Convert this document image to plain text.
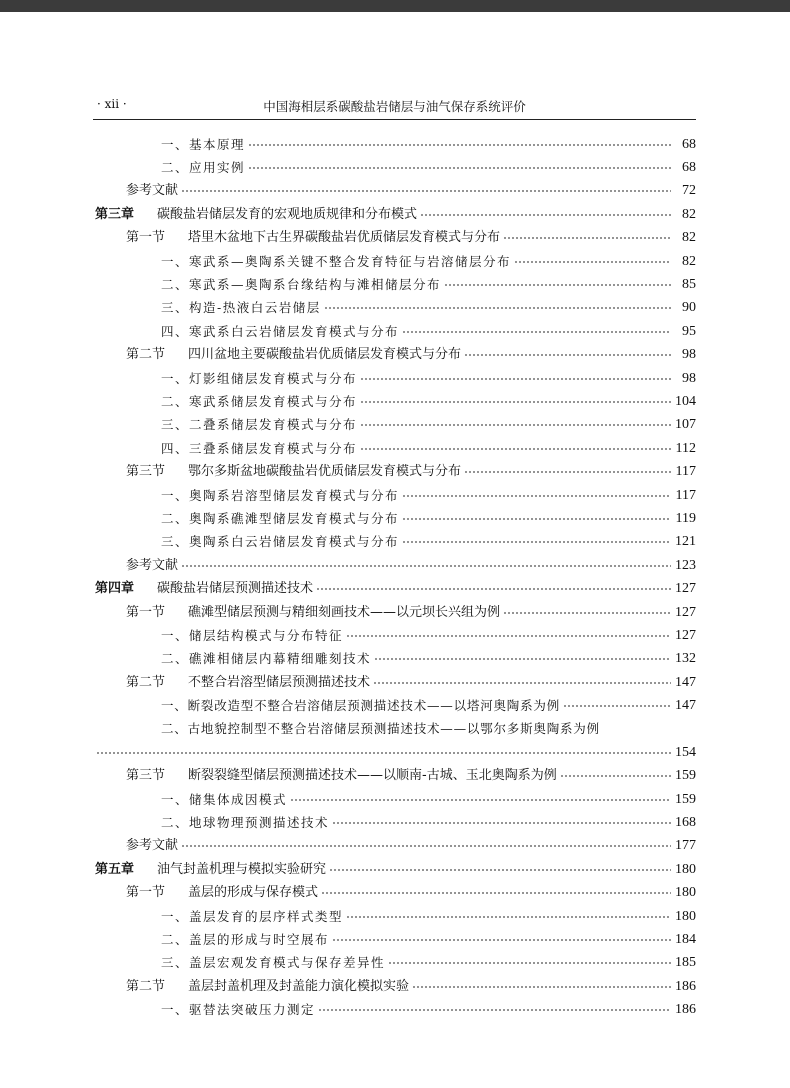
· xii ·	中国海相层系碳酸盐岩储层与油气保存系统评价
一、基本原理	68
二、应用实例	68
参考文献	72
第三章	碳酸盐岩储层发育的宏观地质规律和分布模式	82
第一节	塔里木盆地下古生界碳酸盐岩优质储层发育模式与分布	82
一、寒武系—奥陶系关键不整合发育特征与岩溶储层分布	82
二、寒武系—奥陶系台缘结构与滩相储层分布	85
三、构造-热液白云岩储层	90
四、寒武系白云岩储层发育模式与分布	95
第二节	四川盆地主要碳酸盐岩优质储层发育模式与分布	98
一、灯影组储层发育模式与分布	98
二、寒武系储层发育模式与分布	104
三、二叠系储层发育模式与分布	107
四、三叠系储层发育模式与分布	112
第三节	鄂尔多斯盆地碳酸盐岩优质储层发育模式与分布	117
一、奥陶系岩溶型储层发育模式与分布	117
二、奥陶系礁滩型储层发育模式与分布	119
三、奥陶系白云岩储层发育模式与分布	121
参考文献	123
第四章	碳酸盐岩储层预测描述技术	127
第一节	礁滩型储层预测与精细刻画技术——以元坝长兴组为例	127
一、储层结构模式与分布特征	127
二、礁滩相储层内幕精细雕刻技术	132
第二节	不整合岩溶型储层预测描述技术	147
一、断裂改造型不整合岩溶储层预测描述技术——以塔河奥陶系为例	147
二、古地貌控制型不整合岩溶储层预测描述技术——以鄂尔多斯奥陶系为例
154
第三节	断裂裂缝型储层预测描述技术——以顺南-古城、玉北奥陶系为例	159
一、储集体成因模式	159
二、地球物理预测描述技术	168
参考文献	177
第五章	油气封盖机理与模拟实验研究	180
第一节	盖层的形成与保存模式	180
一、盖层发育的层序样式类型	180
二、盖层的形成与时空展布	184
三、盖层宏观发育模式与保存差异性	185
第二节	盖层封盖机理及封盖能力演化模拟实验	186
一、驱替法突破压力测定	186
